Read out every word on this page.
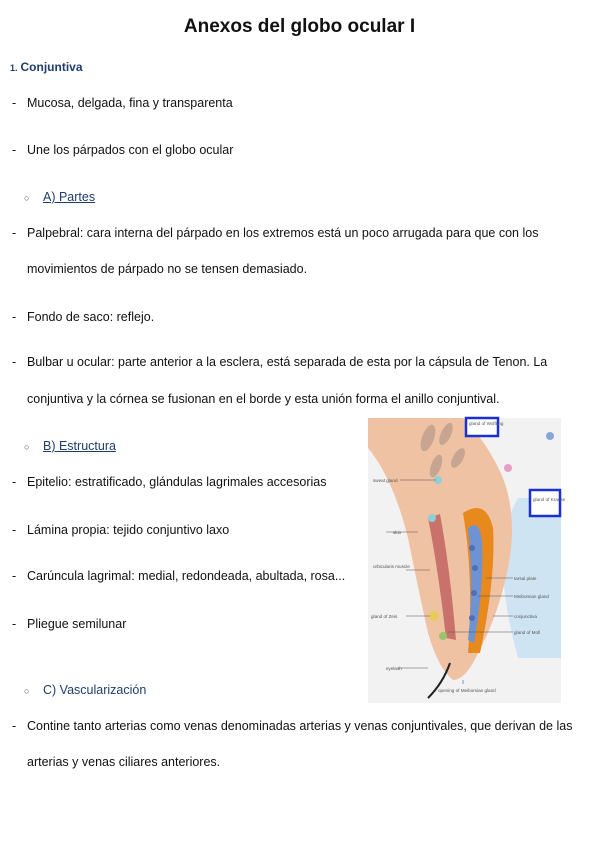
Anexos del globo ocular I
1. Conjuntiva
- Mucosa, delgada, fina y transparenta
- Une los párpados con el globo ocular
○ A) Partes
- Palpebral: cara interna del párpado en los extremos está un poco arrugada para que con los
movimientos de párpado no se tensen demasiado.
- Fondo de saco: reflejo.
- Bulbar u ocular: parte anterior a la esclera, está separada de esta por la cápsula de Tenon. La
conjuntiva y la córnea se fusionan en el borde y esta unión forma el anillo conjuntival.
○ B) Estructura
- Epitelio: estratificado, glándulas lagrimales accesorias
- Lámina propia: tejido conjuntivo laxo
- Carúncula lagrimal: medial, redondeada, abultada, rosa...
- Pliegue semilunar
○ C) Vascularización
- Contine tanto arterias como venas denominadas arterias y venas conjuntivales, que derivan de las
arterias y venas ciliares anteriores.
gland of Wolfring
gland of Krause
sweat gland
skin
orbicularis muscle
gland of Zeis
eyelash
tarsal plate
Meibomian gland
conjunctiva
gland of Moll
opening of Meibomian gland
